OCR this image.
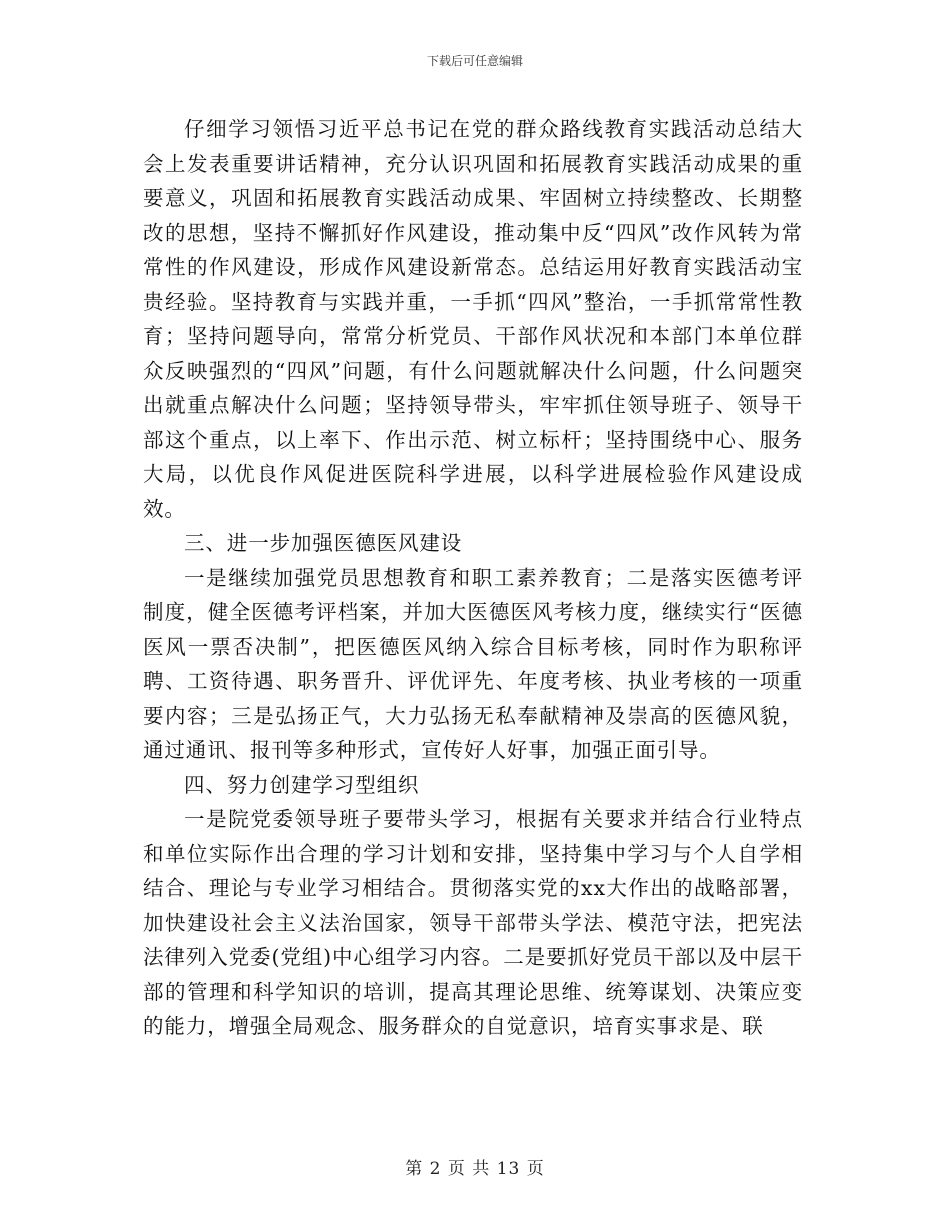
下载后可任意编辑

仔细学习领悟习近平总书记在党的群众路线教育实践活动总结大会上发表重要讲话精神，充分认识巩固和拓展教育实践活动成果的重要意义，巩固和拓展教育实践活动成果、牢固树立持续整改、长期整改的思想，坚持不懈抓好作风建设，推动集中反“四风”改作风转为常常性的作风建设，形成作风建设新常态。总结运用好教育实践活动宝贵经验。坚持教育与实践并重，一手抓“四风”整治，一手抓常常性教育；坚持问题导向，常常分析党员、干部作风状况和本部门本单位群众反映强烈的“四风”问题，有什么问题就解决什么问题，什么问题突出就重点解决什么问题；坚持领导带头，牢牢抓住领导班子、领导干部这个重点，以上率下、作出示范、树立标杆；坚持围绕中心、服务大局，以优良作风促进医院科学进展，以科学进展检验作风建设成效。

三、进一步加强医德医风建设

一是继续加强党员思想教育和职工素养教育；二是落实医德考评制度，健全医德考评档案，并加大医德医风考核力度，继续实行“医德医风一票否决制”，把医德医风纳入综合目标考核，同时作为职称评聘、工资待遇、职务晋升、评优评先、年度考核、执业考核的一项重要内容；三是弘扬正气，大力弘扬无私奉献精神及崇高的医德风貌，通过通讯、报刊等多种形式，宣传好人好事，加强正面引导。

四、努力创建学习型组织

一是院党委领导班子要带头学习，根据有关要求并结合行业特点和单位实际作出合理的学习计划和安排，坚持集中学习与个人自学相结合、理论与专业学习相结合。贯彻落实党的xx大作出的战略部署，加快建设社会主义法治国家，领导干部带头学法、模范守法，把宪法法律列入党委(党组)中心组学习内容。二是要抓好党员干部以及中层干部的管理和科学知识的培训，提高其理论思维、统筹谋划、决策应变的能力，增强全局观念、服务群众的自觉意识，培育实事求是、联

第 2 页 共 13 页
